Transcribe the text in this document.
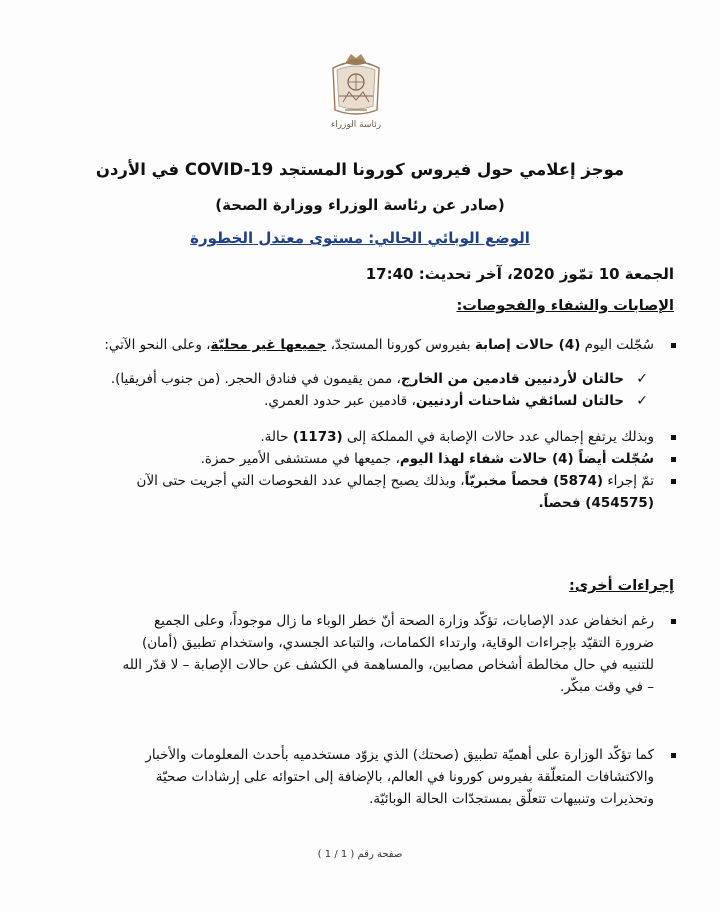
رئاسة الوزراء
موجز إعلامي حول فيروس كورونا المستجد COVID-19 في الأردن

(صادر عن رئاسة الوزراء ووزارة الصحة)

الوضع الوبائي الحالي: مستوى معتدل الخطورة

الجمعة 10 تمّوز 2020، آخر تحديث: 17:40

الإصابات والشفاء والفحوصات:

سُجّلت اليوم (4) حالات إصابة بفيروس كورونا المستجدّ، جميعها غير محليّة، وعلى النحو الآتي:
✓
حالتان لأردنيين قادمين من الخارج، ممن يقيمون في فنادق الحجر. (من جنوب أفريقيا).
✓
حالتان لسائقي شاحنات أردنيين، قادمين عبر حدود العمري.
وبذلك يرتفع إجمالي عدد حالات الإصابة في المملكة إلى (1173) حالة.
سُجّلت أيضاً (4) حالات شفاء لهذا اليوم، جميعها في مستشفى الأمير حمزة.
تمّ إجراء (5874) فحصاً مخبريّاً، وبذلك يصبح إجمالي عدد الفحوصات التي أجريت حتى الآن
(454575) فحصاً.

إجراءات أخرى:

رغم انخفاض عدد الإصابات، تؤكّد وزارة الصحة أنّ خطر الوباء ما زال موجوداً، وعلى الجميع
ضرورة التقيّد بإجراءات الوقاية، وارتداء الكمامات، والتباعد الجسدي، واستخدام تطبيق (أمان)
للتنبيه في حال مخالطة أشخاص مصابين، والمساهمة في الكشف عن حالات الإصابة – لا قدّر الله
– في وقت مبكّر.
كما تؤكّد الوزارة على أهميّة تطبيق (صحتك) الذي يزوّد مستخدميه بأحدث المعلومات والأخبار
والاكتشافات المتعلّقة بفيروس كورونا في العالم، بالإضافة إلى احتوائه على إرشادات صحيّة
وتحذيرات وتنبيهات تتعلّق بمستجدّات الحالة الوبائيّة.

صفحة رقم ( 1 / 1 )
